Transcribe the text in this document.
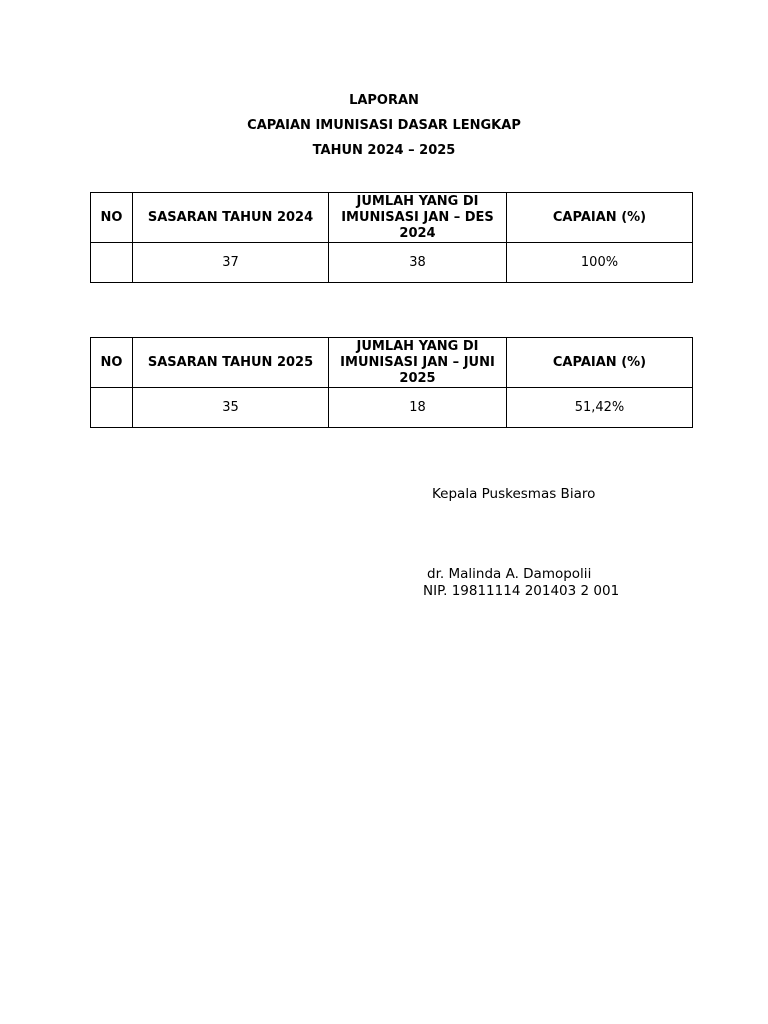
LAPORAN
CAPAIAN IMUNISASI DASAR LENGKAP
TAHUN 2024 – 2025
NO	SASARAN TAHUN 2024	JUMLAH YANG DI IMUNISASI JAN – DES 2024	CAPAIAN (%)
	37	38	100%
NO	SASARAN TAHUN 2025	JUMLAH YANG DI IMUNISASI JAN – JUNI 2025	CAPAIAN (%)
	35	18	51,42%
Kepala Puskesmas Biaro
dr. Malinda A. Damopolii
NIP. 19811114 201403 2 001
